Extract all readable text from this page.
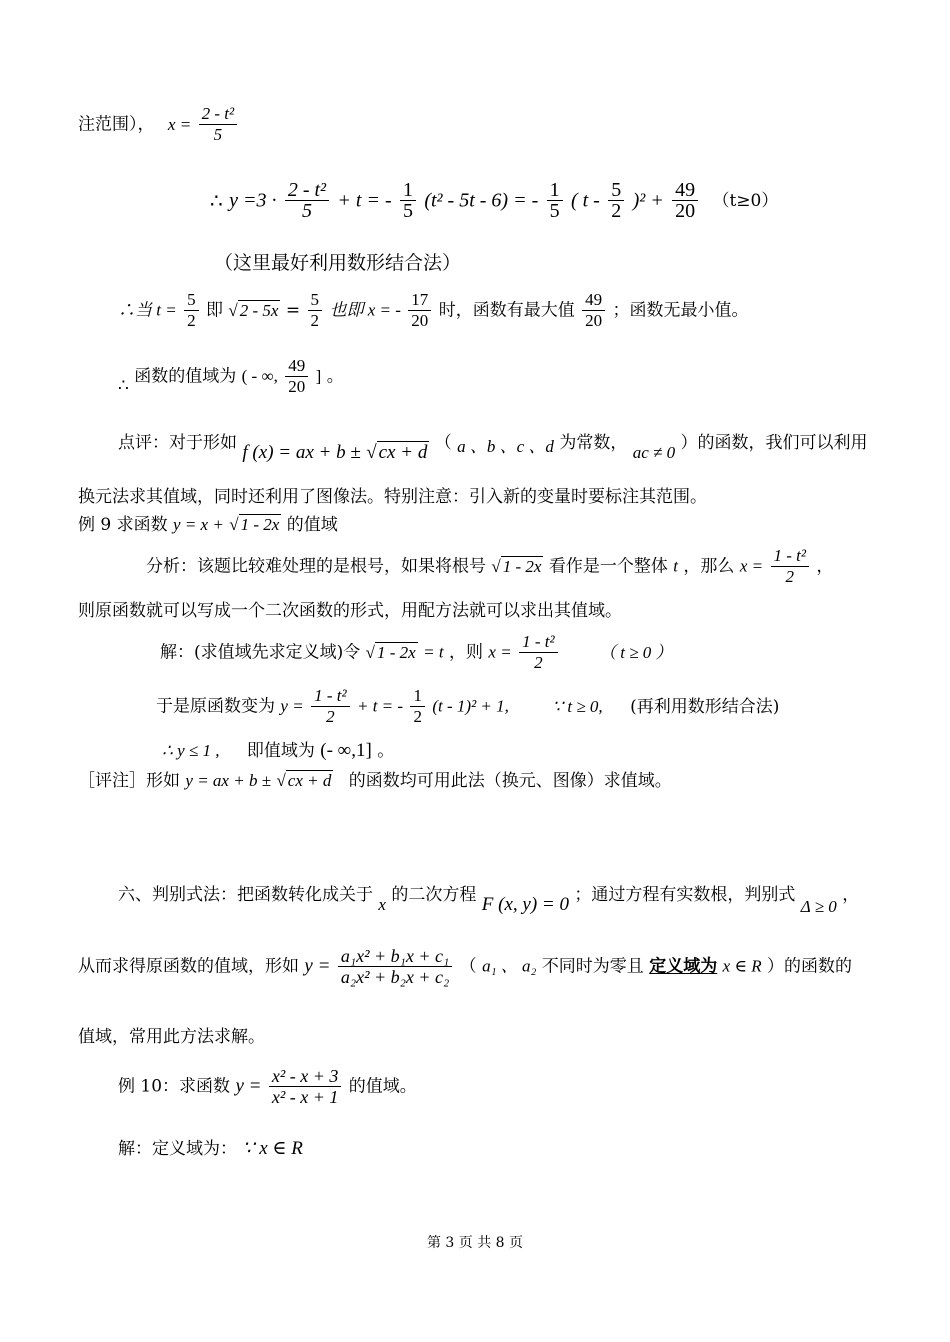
注范围）， $x = \frac{\text{2 - t²}}{5}$
∴ $y =3 \cdot \frac{\text{2 - t²}}{5} + t$ = - $\frac{1}{5} (t^2 - 5t - 6)$ = - $\frac{1}{5}$ ( $t - \frac{5}{2} )^2 + \frac{49}{20} (t\ge 0)$
（这里最好利用数形结合法）
∴当 $t = \frac{5}{2}$ 即 √ $2 - 5x = \frac{5}{2}$ 也即 x = - $\frac{17}{20}$ 时，函数有最大值 $\frac{49}{20}$ ；函数无最小值。
∴ 函数的值域为 ( - ∞, $\frac{49}{20}$ ] 。
点评：对于形如 f (x) = ax + b ± √ cx + d （ a 、b 、c 、d 为常数， ac ≠ 0 ）的函数，我们可以利用
换元法求其值域，同时还利用了图像法。特别注意：引入新的变量时要标注其范围。
例 9 求函数 y = x + √ 1 - 2x 的值域
分析：该题比较难处理的是根号，如果将根号 √ 1 - 2x 看作是一个整体 t ，那么 $x = \frac{\text{1 - t²}}{2}$ ，
则原函数就可以写成一个二次函数的形式，用配方法就可以求出其值域。
解：(求值域先求定义域)令 √ 1 - 2x = t ，则 $x = \frac{\text{1 - t²}}{2}$ （ t ≥ 0 ）
于是原函数变为 $y = \frac{\text{1 - t²}}{2} + t$ = - $\frac{1}{2} (t - 1)^2 + 1$,	∵ t ≥ 0, (再利用数形结合法)
∴ y ≤ 1 , 即值域为 (- ∞,1] 。
［评注］形如 y = ax + b ± √ cx + d 的函数均可用此法（换元、图像）求值域。
六、判别式法：把函数转化成关于 x 的二次方程 F (x, y) = 0 ；通过方程有实数根，判别式 Δ ≥ 0 ，
从而求得原函数的值域，形如 $y = \frac{\text{a₁x² + b₁x + c₁}}{\text{a₂x² + b₂x + c₂}}$ （ a₁ 、 a₂ 不同时为零且 定义域为 x ∈ R ）的函数的
值域，常用此方法求解。
例 10：求函数 $y = \frac{\text{x² - x + 3}}{\text{x² - x + 1}}$ 的值域。
解：定义域为： ∵ x ∈ R
第 3 页 共 8 页
